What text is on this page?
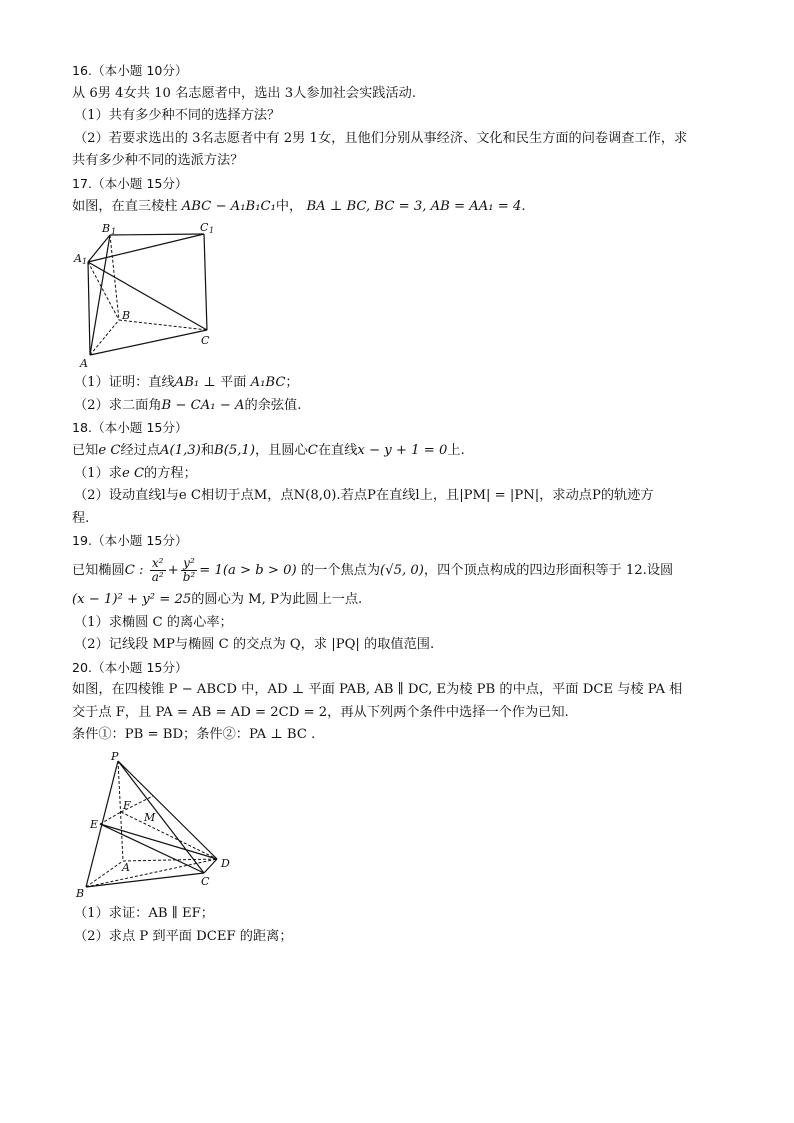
16.（本小题 10分）
从 6男 4女共 10 名志愿者中，选出 3人参加社会实践活动.
（1）共有多少种不同的选择方法？
（2）若要求选出的 3名志愿者中有 2男 1女，且他们分别从事经济、文化和民生方面的问卷调查工作，求
共有多少种不同的选派方法？
17.（本小题 15分）
如图，在直三棱柱 ABC − A₁B₁C₁中， BA ⊥ BC, BC = 3, AB = AA₁ = 4.
B 1	C 1
A 1
B
C
A
（1）证明：直线AB₁ ⊥ 平面 A₁BC；
（2）求二面角B − CA₁ − A的余弦值.
18.（本小题 15分）
已知e C经过点A(1,3)和B(5,1)，且圆心C在直线x − y + 1 = 0上.
（1）求e C的方程；
（2）设动直线l与e C相切于点M，点N(8,0).若点P在直线l上，且|PM| = |PN|，求动点P的轨迹方
程.
19.（本小题 15分）
已知椭圆C : $\frac{\text{x²}}{\text{a²}} + \frac{\text{y²}}{\text{b²}} = 1(a > b > 0)$ 的一个焦点为(√5, 0)，四个顶点构成的四边形面积等于 12.设圆
(x − 1)² + y² = 25的圆心为 M, P为此圆上一点.
（1）求椭圆 C 的离心率；
（2）记线段 MP与椭圆 C 的交点为 Q，求 |PQ| 的取值范围.
20.（本小题 15分）
如图，在四棱锥 P − ABCD 中，AD ⊥ 平面 PAB, AB ∥ DC, E为棱 PB 的中点，平面 DCE 与棱 PA 相
交于点 F，且 PA = AB = AD = 2CD = 2，再从下列两个条件中选择一个作为已知.
条件①：PB = BD；条件②：PA ⊥ BC .
P
F
M
E
A	D
C
B
（1）求证：AB ∥ EF；
（2）求点 P 到平面 DCEF 的距离；
